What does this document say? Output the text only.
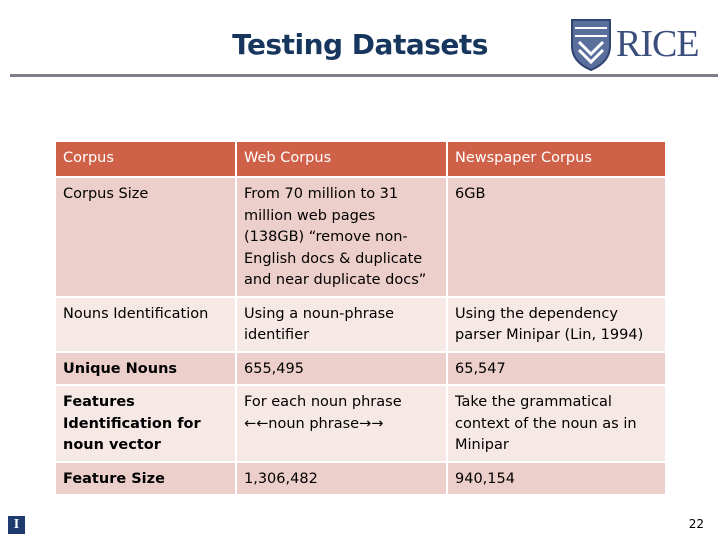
Testing Datasets	RICE
Corpus	Web Corpus	Newspaper Corpus
Corpus Size	From 70 million to 31 million web pages (138GB) “remove non-English docs & duplicate and near duplicate docs”	6GB
Nouns Identification	Using a noun-phrase identifier	Using the dependency parser Minipar (Lin, 1994)
Unique Nouns	655,495	65,547
Features Identification for noun vector	For each noun phrase ←←noun phrase→→	Take the grammatical context of the noun as in Minipar
Feature Size	1,306,482	940,154
I	22
